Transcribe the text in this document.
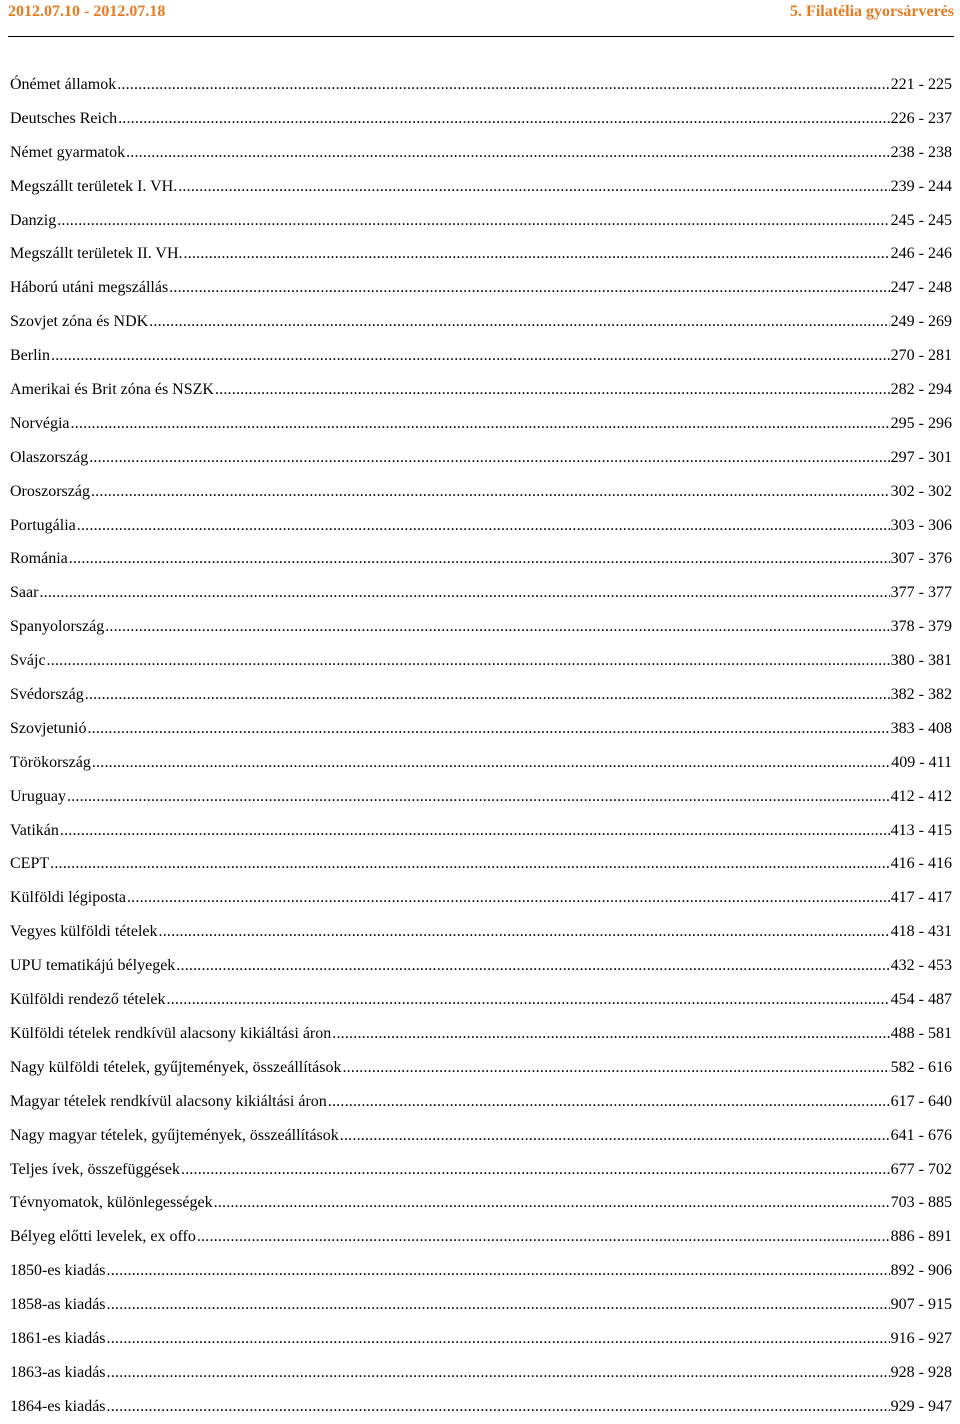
2012.07.10 - 2012.07.18	5. Filatélia gyorsárverés
Ónémet államok .....	221 - 225
Deutsches Reich .....	226 - 237
Német gyarmatok .....	238 - 238
Megszállt területek I. VH. .....	239 - 244
Danzig .....	245 - 245
Megszállt területek II. VH. .....	246 - 246
Háború utáni megszállás .....	247 - 248
Szovjet zóna és NDK .....	249 - 269
Berlin .....	270 - 281
Amerikai és Brit zóna és NSZK .....	282 - 294
Norvégia .....	295 - 296
Olaszország .....	297 - 301
Oroszország .....	302 - 302
Portugália .....	303 - 306
Románia .....	307 - 376
Saar .....	377 - 377
Spanyolország .....	378 - 379
Svájc .....	380 - 381
Svédország .....	382 - 382
Szovjetunió .....	383 - 408
Törökország .....	409 - 411
Uruguay .....	412 - 412
Vatikán .....	413 - 415
CEPT .....	416 - 416
Külföldi légiposta .....	417 - 417
Vegyes külföldi tételek .....	418 - 431
UPU tematikájú bélyegek .....	432 - 453
Külföldi rendező tételek .....	454 - 487
Külföldi tételek rendkívül alacsony kikiáltási áron .....	488 - 581
Nagy külföldi tételek, gyűjtemények, összeállítások .....	582 - 616
Magyar tételek rendkívül alacsony kikiáltási áron .....	617 - 640
Nagy magyar tételek, gyűjtemények, összeállítások .....	641 - 676
Teljes ívek, összefüggések .....	677 - 702
Tévnyomatok, különlegességek .....	703 - 885
Bélyeg előtti levelek, ex offo .....	886 - 891
1850-es kiadás .....	892 - 906
1858-as kiadás .....	907 - 915
1861-es kiadás .....	916 - 927
1863-as kiadás .....	928 - 928
1864-es kiadás .....	929 - 947
